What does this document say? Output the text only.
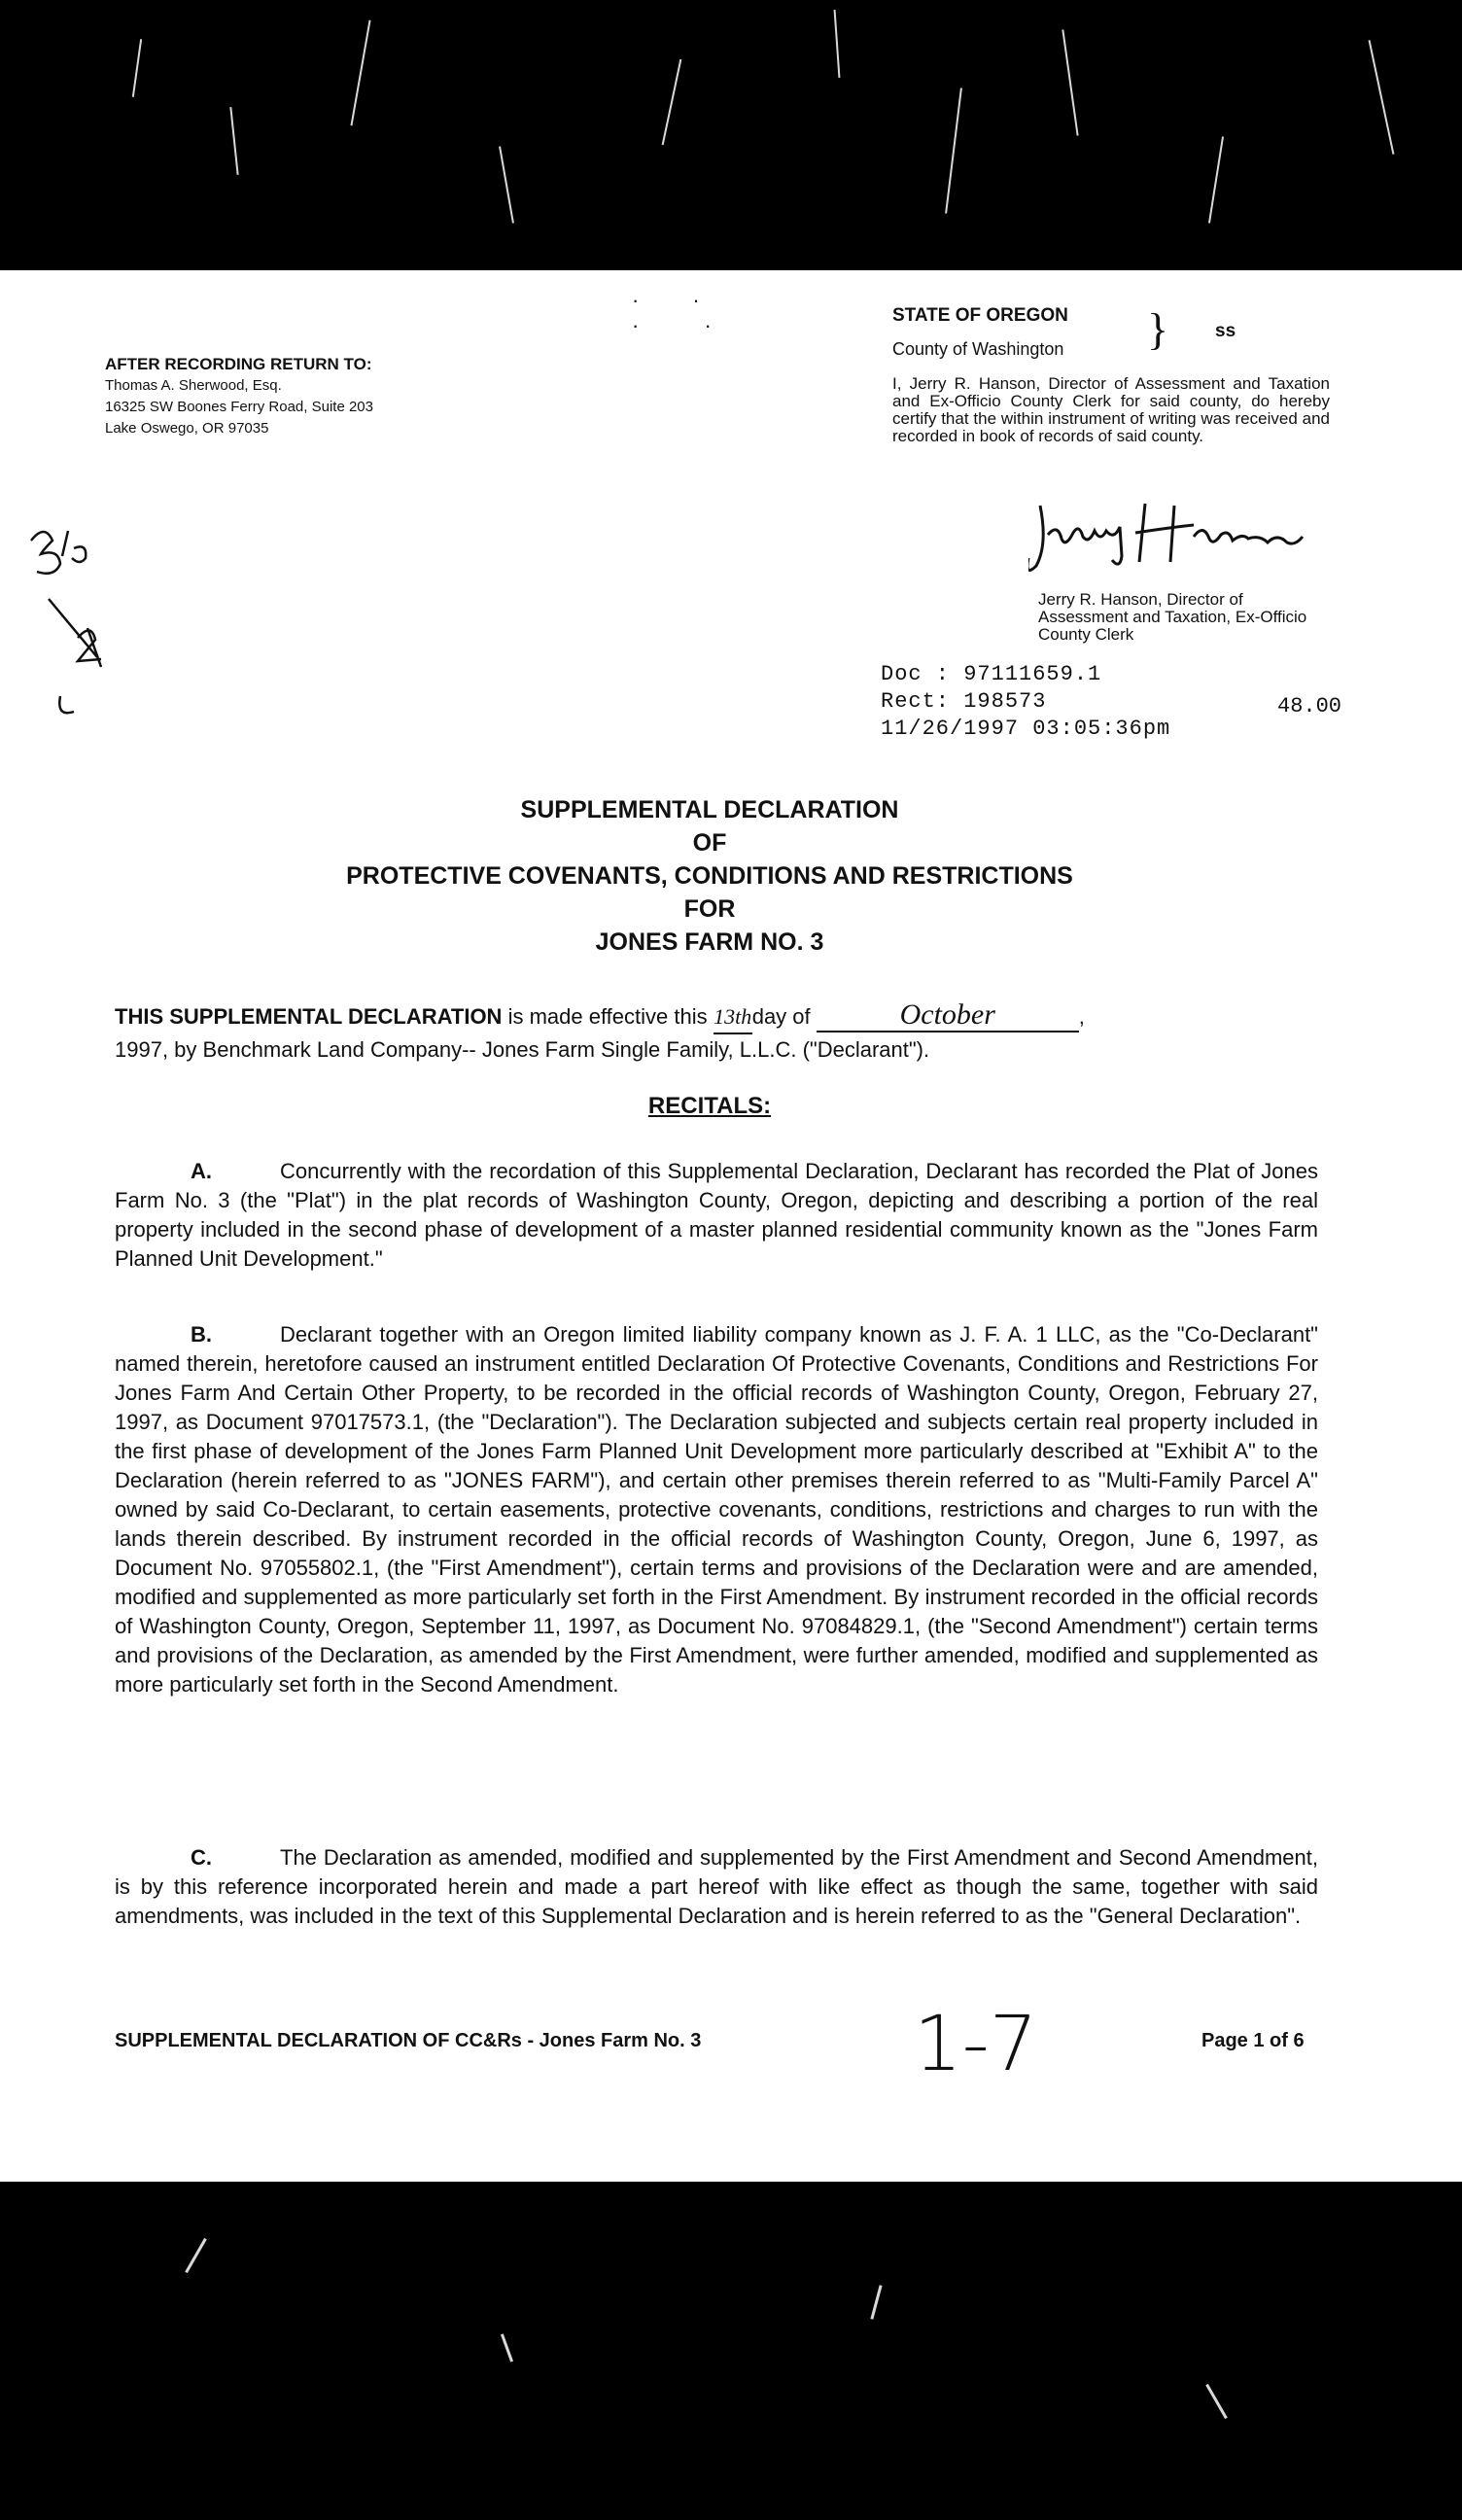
·         ·
·           ·
AFTER RECORDING RETURN TO:
Thomas A. Sherwood, Esq.
16325 SW Boones Ferry Road, Suite 203
Lake Oswego, OR 97035
STATE OF OREGON
County of Washington }	ss
I, Jerry R. Hanson, Director of Assessment and Taxation and Ex-Officio County Clerk for said county, do hereby certify that the within instrument of writing was received and recorded in book of records of said county.
Jerry R. Hanson, Director of Assessment and Taxation, Ex-Officio County Clerk
Doc : 97111659.1
Rect: 198573
11/26/1997 03:05:36pm
48.00
SUPPLEMENTAL DECLARATION
OF
PROTECTIVE COVENANTS, CONDITIONS AND RESTRICTIONS
FOR
JONES FARM NO. 3
THIS SUPPLEMENTAL DECLARATION is made effective this 13thday of	October	,
1997, by Benchmark Land Company-- Jones Farm Single Family, L.L.C. ("Declarant").
RECITALS:
A.	Concurrently with the recordation of this Supplemental Declaration, Declarant has recorded the Plat of Jones Farm No. 3 (the "Plat") in the plat records of Washington County, Oregon, depicting and describing a portion of the real property included in the second phase of development of a master planned residential community known as the "Jones Farm Planned Unit Development."
B.	Declarant together with an Oregon limited liability company known as J. F. A. 1 LLC, as the "Co-Declarant" named therein, heretofore caused an instrument entitled Declaration Of Protective Covenants, Conditions and Restrictions For Jones Farm And Certain Other Property, to be recorded in the official records of Washington County, Oregon, February 27, 1997, as Document 97017573.1, (the "Declaration"). The Declaration subjected and subjects certain real property included in the first phase of development of the Jones Farm Planned Unit Development more particularly described at "Exhibit A" to the Declaration (herein referred to as "JONES FARM"), and certain other premises therein referred to as "Multi-Family Parcel A" owned by said Co-Declarant, to certain easements, protective covenants, conditions, restrictions and charges to run with the lands therein described. By instrument recorded in the official records of Washington County, Oregon, June 6, 1997, as Document No. 97055802.1, (the "First Amendment"), certain terms and provisions of the Declaration were and are amended, modified and supplemented as more particularly set forth in the First Amendment. By instrument recorded in the official records of Washington County, Oregon, September 11, 1997, as Document No. 97084829.1, (the "Second Amendment") certain terms and provisions of the Declaration, as amended by the First Amendment, were further amended, modified and supplemented as more particularly set forth in the Second Amendment.
C.	The Declaration as amended, modified and supplemented by the First Amendment and Second Amendment, is by this reference incorporated herein and made a part hereof with like effect as though the same, together with said amendments, was included in the text of this Supplemental Declaration and is herein referred to as the "General Declaration".
SUPPLEMENTAL DECLARATION OF CC&Rs - Jones Farm No. 3	1-7	Page 1 of 6
